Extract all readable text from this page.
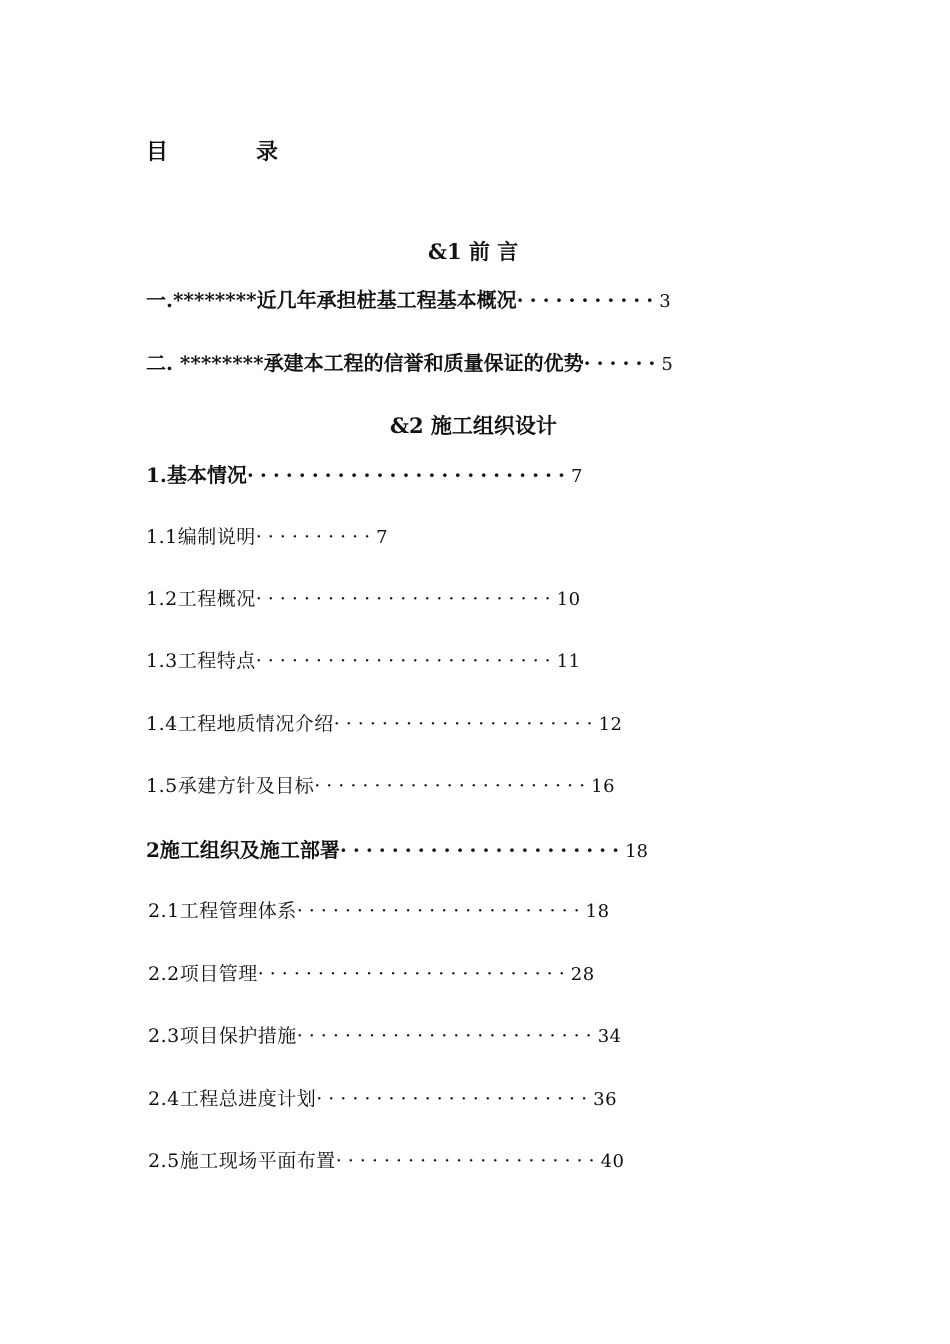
目	录
&1 前 言
一.********近几年承担桩基工程基本概况···········3
二. ********承建本工程的信誉和质量保证的优势······5
&2 施工组织设计
1.基本情况·························7
1.1编制说明··········7
1.2工程概况·························10
1.3工程特点·························11
1.4工程地质情况介绍······················12
1.5承建方针及目标·······················16
2施工组织及施工部署······················18
2.1工程管理体系························18
2.2项目管理··························28
2.3项目保护措施·························34
2.4工程总进度计划·······················36
2.5施工现场平面布置······················40
